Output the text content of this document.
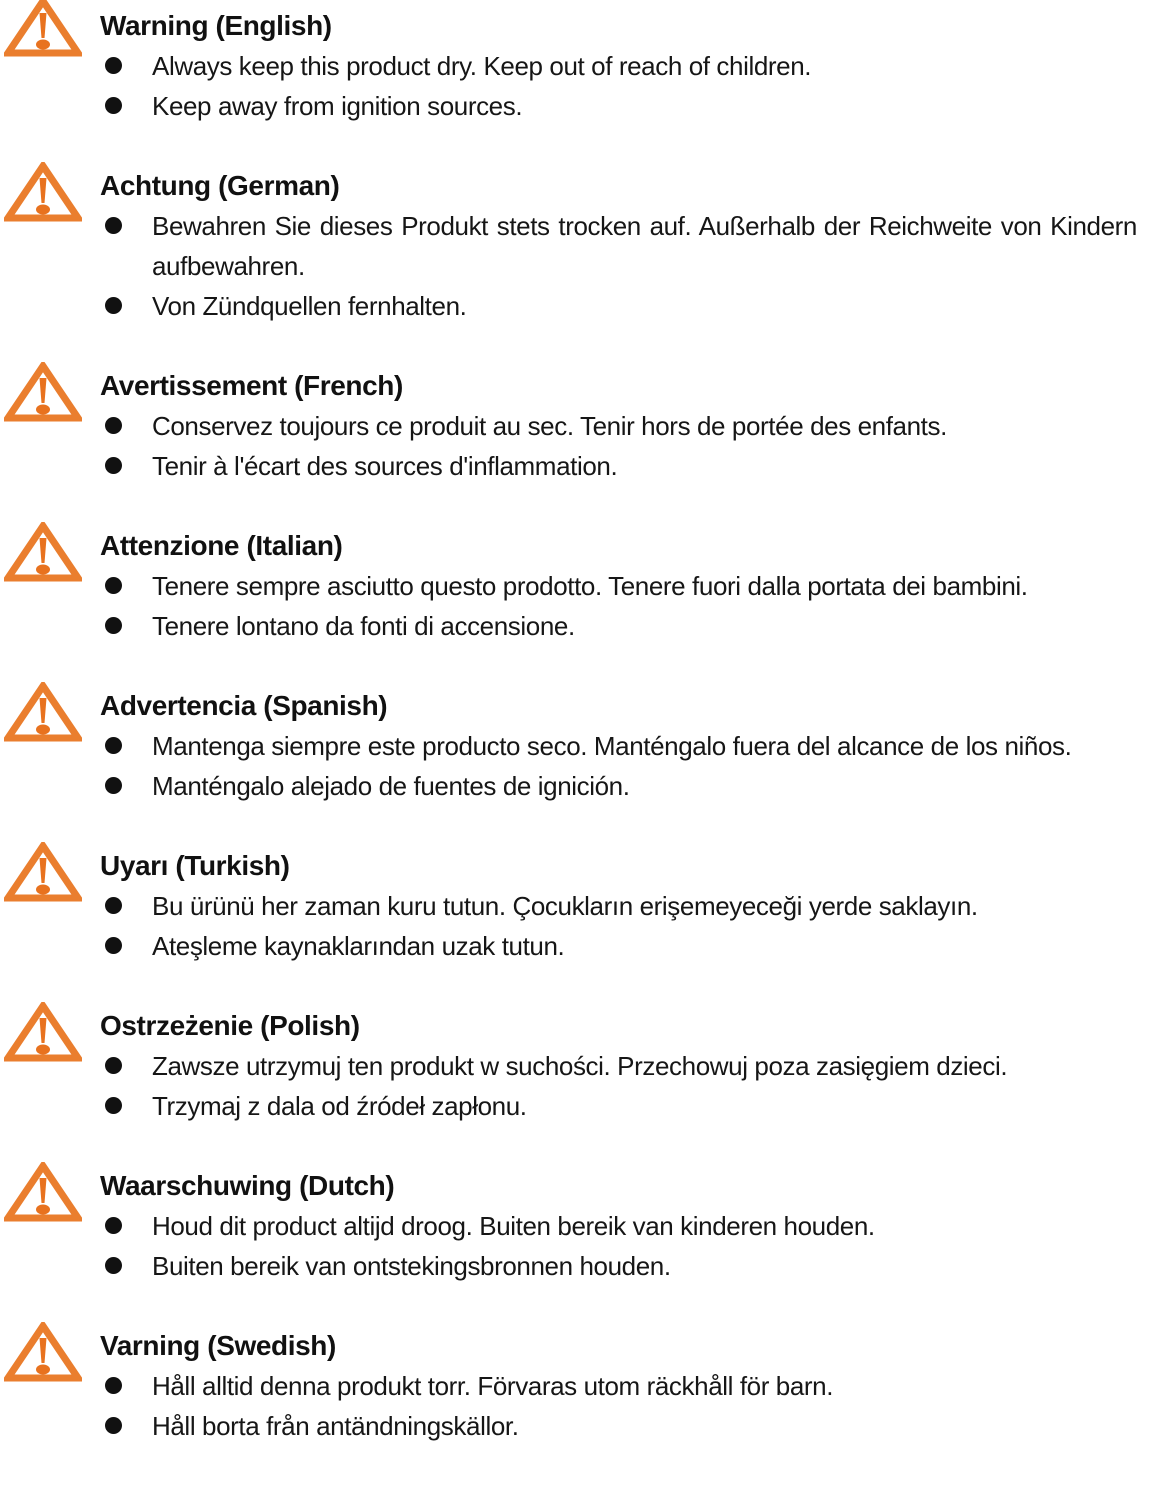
Warning (English)

Always keep this product dry. Keep out of reach of children.

Keep away from ignition sources.

Achtung (German)

Bewahren Sie dieses Produkt stets trocken auf. Außerhalb der Reichweite von Kindern aufbewahren.

Von Zündquellen fernhalten.

Avertissement (French)

Conservez toujours ce produit au sec. Tenir hors de portée des enfants.

Tenir à l'écart des sources d'inflammation.

Attenzione (Italian)

Tenere sempre asciutto questo prodotto. Tenere fuori dalla portata dei bambini.

Tenere lontano da fonti di accensione.

Advertencia (Spanish)

Mantenga siempre este producto seco. Manténgalo fuera del alcance de los niños.

Manténgalo alejado de fuentes de ignición.

Uyarı (Turkish)

Bu ürünü her zaman kuru tutun. Çocukların erişemeyeceği yerde saklayın.

Ateşleme kaynaklarından uzak tutun.

Ostrzeżenie (Polish)

Zawsze utrzymuj ten produkt w suchości. Przechowuj poza zasięgiem dzieci.

Trzymaj z dala od źródeł zapłonu.

Waarschuwing (Dutch)

Houd dit product altijd droog. Buiten bereik van kinderen houden.

Buiten bereik van ontstekingsbronnen houden.

Varning (Swedish)

Håll alltid denna produkt torr. Förvaras utom räckhåll för barn.

Håll borta från antändningskällor.
